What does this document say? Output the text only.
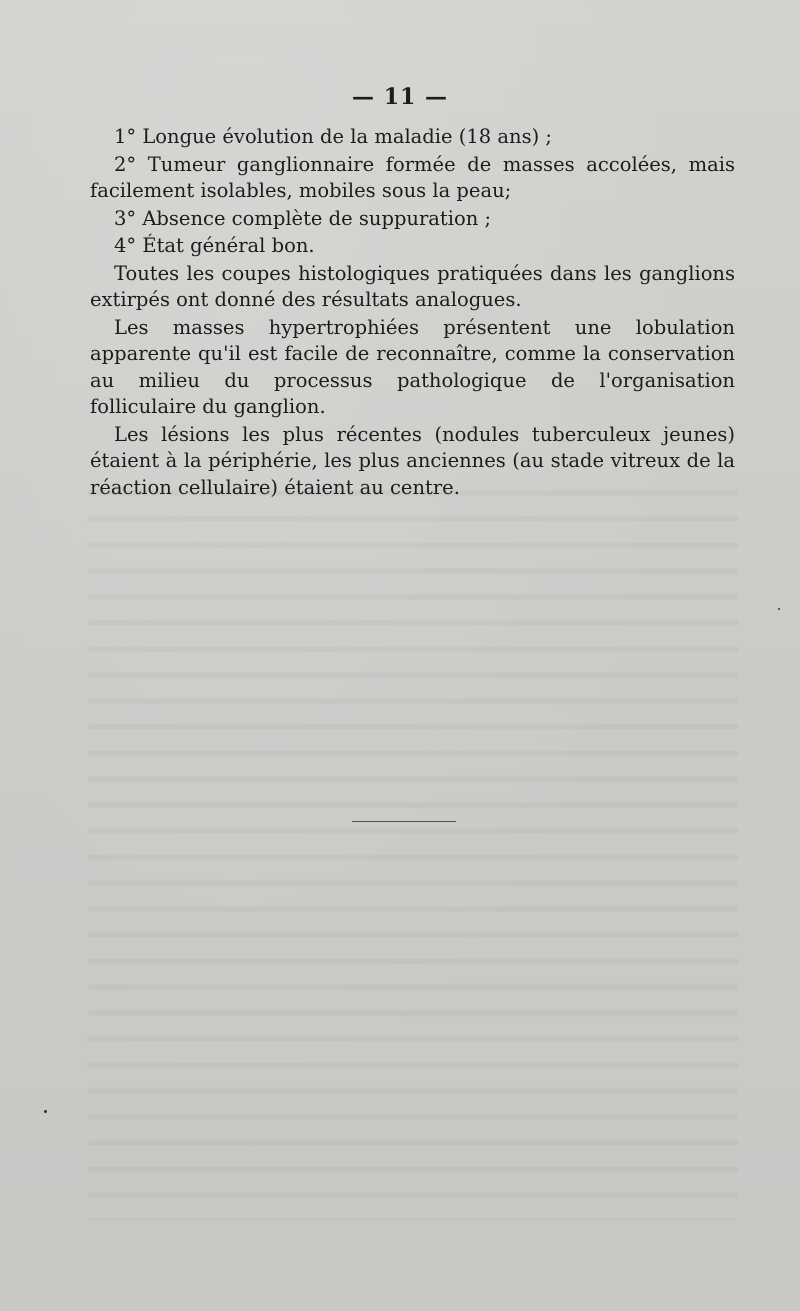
— 11 —

1° Longue évolution de la maladie (18 ans) ;

2° Tumeur ganglionnaire formée de masses accolées, mais facilement isolables, mobiles sous la peau;

3° Absence complète de suppuration ;

4° État général bon.

Toutes les coupes histologiques pratiquées dans les ganglions extirpés ont donné des résultats analogues.

Les masses hypertrophiées présentent une lobulation apparente qu'il est facile de reconnaître, comme la conservation au milieu du processus pathologique de l'organisation folliculaire du ganglion.

Les lésions les plus récentes (nodules tuberculeux jeunes) étaient à la périphérie, les plus anciennes (au stade vitreux de la réaction cellulaire) étaient au centre.
